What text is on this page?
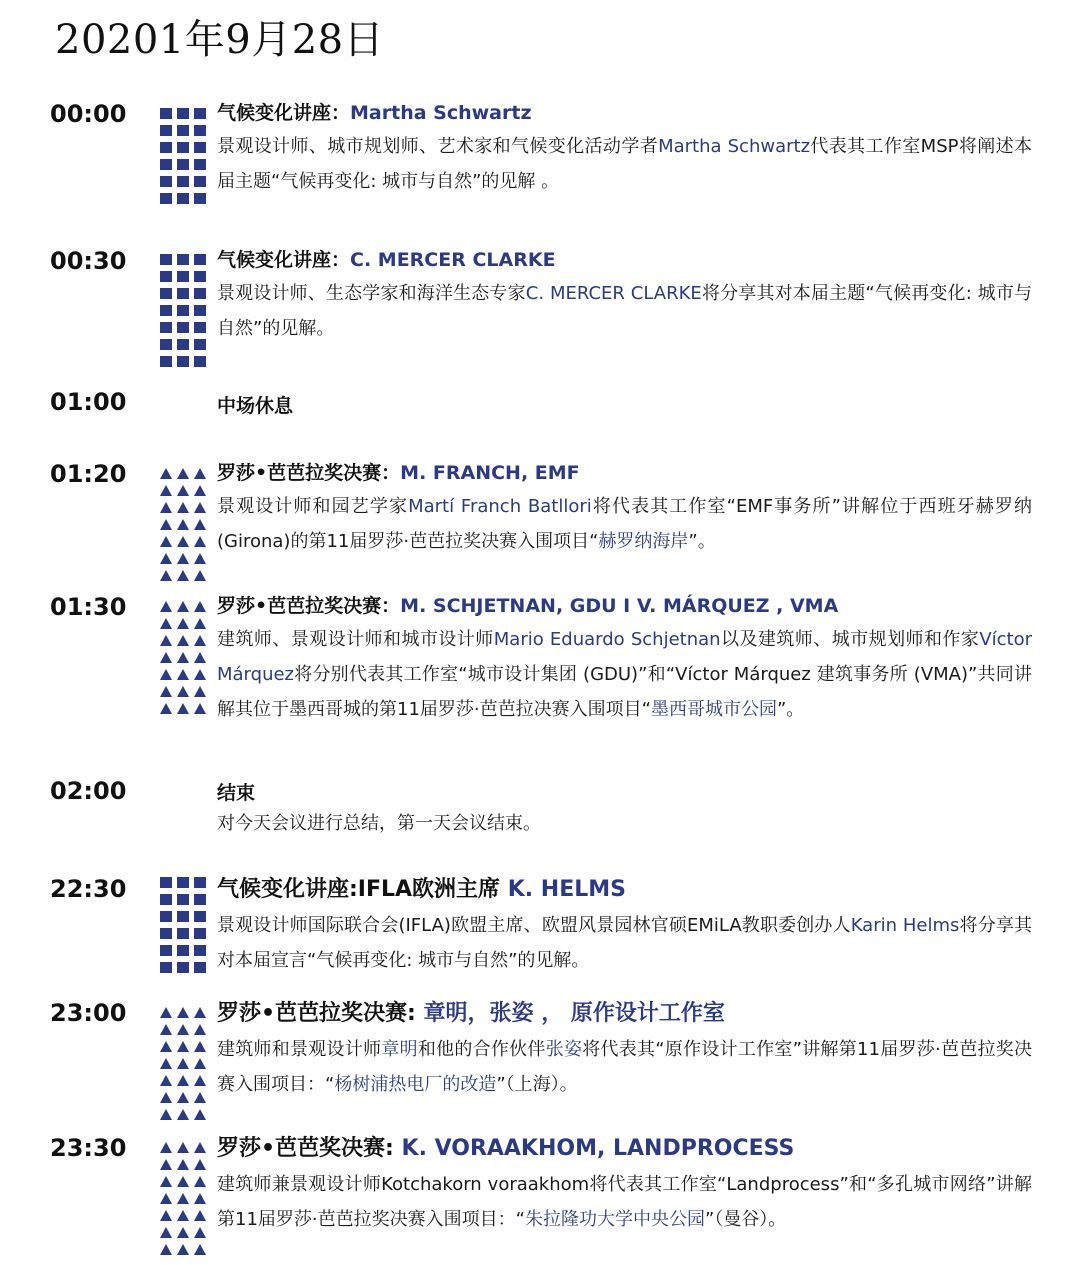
20201年9月28日
00:00	气候变化讲座：Martha Schwartz
景观设计师、城市规划师、艺术家和气候变化活动学者Martha Schwartz代表其工作室MSP将阐述本届主题“气候再变化: 城市与自然”的见解 。
00:30	气候变化讲座：C. MERCER CLARKE
景观设计师、生态学家和海洋生态专家C. MERCER CLARKE将分享其对本届主题“气候再变化: 城市与自然”的见解。
01:00	中场休息
01:20	罗莎•芭芭拉奖决赛：M. FRANCH, EMF
景观设计师和园艺学家Martí Franch Batllori将代表其工作室“EMF事务所”讲解位于西班牙赫罗纳(Girona)的第11届罗莎·芭芭拉奖决赛入围项目“赫罗纳海岸”。
01:30	罗莎•芭芭拉奖决赛：M. SCHJETNAN, GDU I V. MÁRQUEZ , VMA
建筑师、景观设计师和城市设计师Mario Eduardo Schjetnan以及建筑师、城市规划师和作家Víctor Márquez将分别代表其工作室“城市设计集团 (GDU)”和“Víctor Márquez 建筑事务所 (VMA)”共同讲解其位于墨西哥城的第11届罗莎·芭芭拉决赛入围项目“墨西哥城市公园”。
02:00	结束
对今天会议进行总结，第一天会议结束。
22:30	气候变化讲座:IFLA欧洲主席 K. HELMS
景观设计师国际联合会(IFLA)欧盟主席、欧盟风景园林官硕EMiLA教职委创办人Karin Helms将分享其对本届宣言“气候再变化: 城市与自然”的见解。
23:00	罗莎•芭芭拉奖决赛: 章明，张姿 ， 原作设计工作室
建筑师和景观设计师章明和他的合作伙伴张姿将代表其“原作设计工作室”讲解第11届罗莎·芭芭拉奖决赛入围项目：“杨树浦热电厂的改造”（上海）。
23:30	罗莎•芭芭奖决赛: K. VORAAKHOM, LANDPROCESS
建筑师兼景观设计师Kotchakorn voraakhom将代表其工作室“Landprocess”和“多孔城市网络”讲解第11届罗莎·芭芭拉奖决赛入围项目：“朱拉隆功大学中央公园”（曼谷）。
